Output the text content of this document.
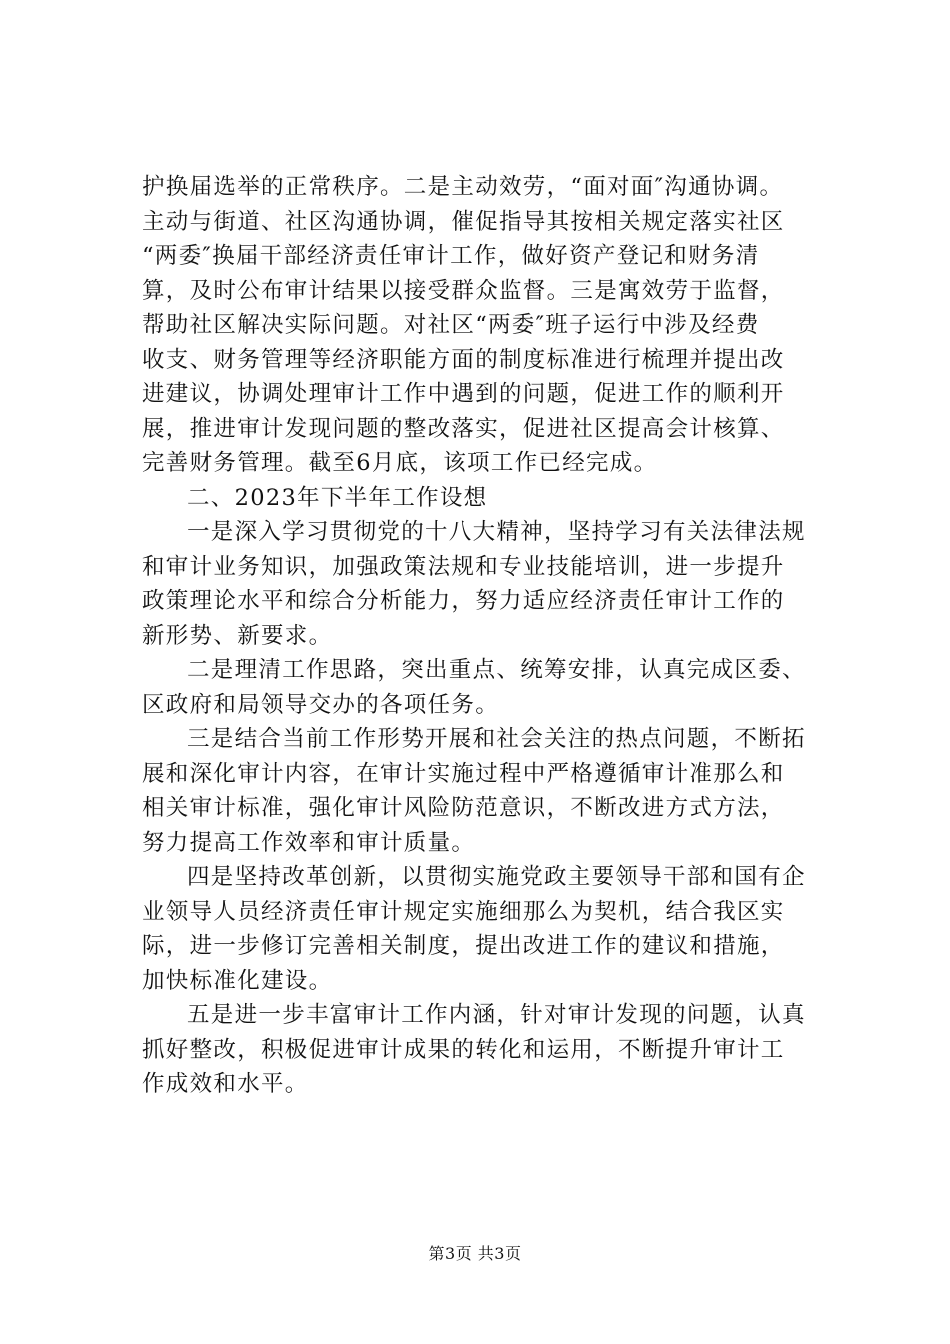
护换届选举的正常秩序。二是主动效劳，“面对面″沟通协调。
主动与街道、社区沟通协调，催促指导其按相关规定落实社区
“两委″换届干部经济责任审计工作，做好资产登记和财务清
算，及时公布审计结果以接受群众监督。三是寓效劳于监督，
帮助社区解决实际问题。对社区“两委″班子运行中涉及经费
收支、财务管理等经济职能方面的制度标准进行梳理并提出改
进建议，协调处理审计工作中遇到的问题，促进工作的顺利开
展，推进审计发现问题的整改落实，促进社区提高会计核算、
完善财务管理。截至6月底，该项工作已经完成。
二、2023年下半年工作设想
一是深入学习贯彻党的十八大精神，坚持学习有关法律法规
和审计业务知识，加强政策法规和专业技能培训，进一步提升
政策理论水平和综合分析能力，努力适应经济责任审计工作的
新形势、新要求。
二是理清工作思路，突出重点、统筹安排，认真完成区委、
区政府和局领导交办的各项任务。
三是结合当前工作形势开展和社会关注的热点问题，不断拓
展和深化审计内容，在审计实施过程中严格遵循审计准那么和
相关审计标准，强化审计风险防范意识，不断改进方式方法，
努力提高工作效率和审计质量。
四是坚持改革创新，以贯彻实施党政主要领导干部和国有企
业领导人员经济责任审计规定实施细那么为契机，结合我区实
际，进一步修订完善相关制度，提出改进工作的建议和措施，
加快标准化建设。
五是进一步丰富审计工作内涵，针对审计发现的问题，认真
抓好整改，积极促进审计成果的转化和运用，不断提升审计工
作成效和水平。
第3页 共3页
